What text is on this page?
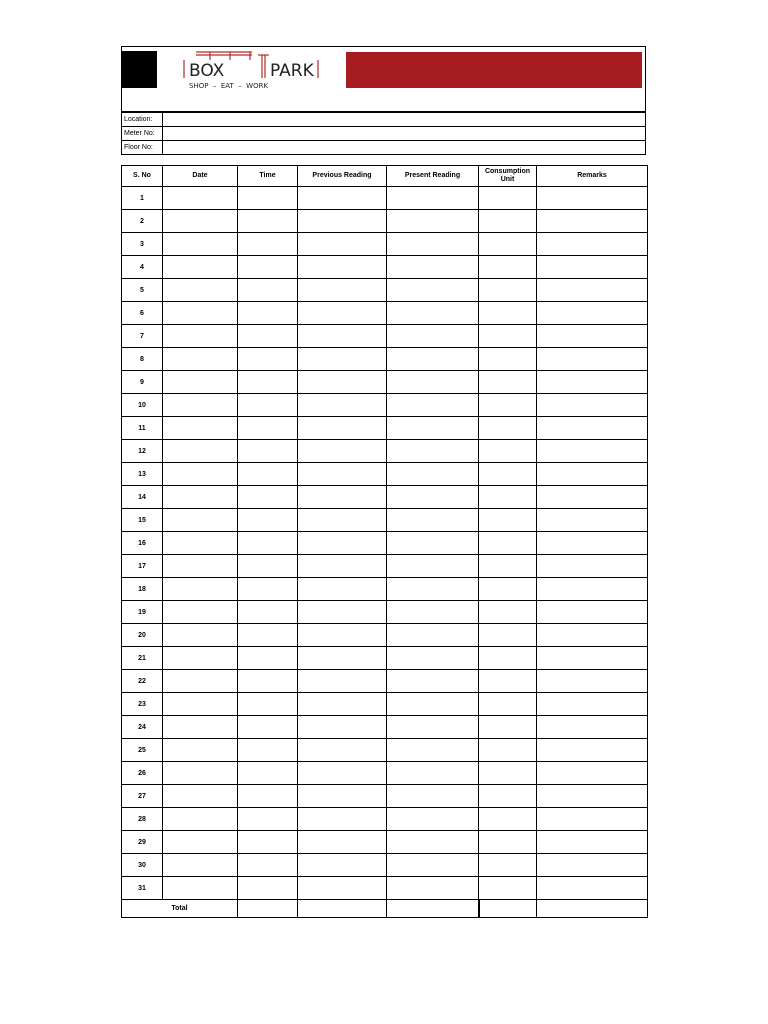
BOX	PARK
SHOP  –  EAT  –  WORK
Location:	
Meter No:	
Floor No:	
S. No	Date	Time	Previous Reading	Present Reading	Consumption Unit	Remarks
1						
2						
3						
4						
5						
6						
7						
8						
9						
10						
11						
12						
13						
14						
15						
16						
17						
18						
19						
20						
21						
22						
23						
24						
25						
26						
27						
28						
29						
30						
31						
Total						
